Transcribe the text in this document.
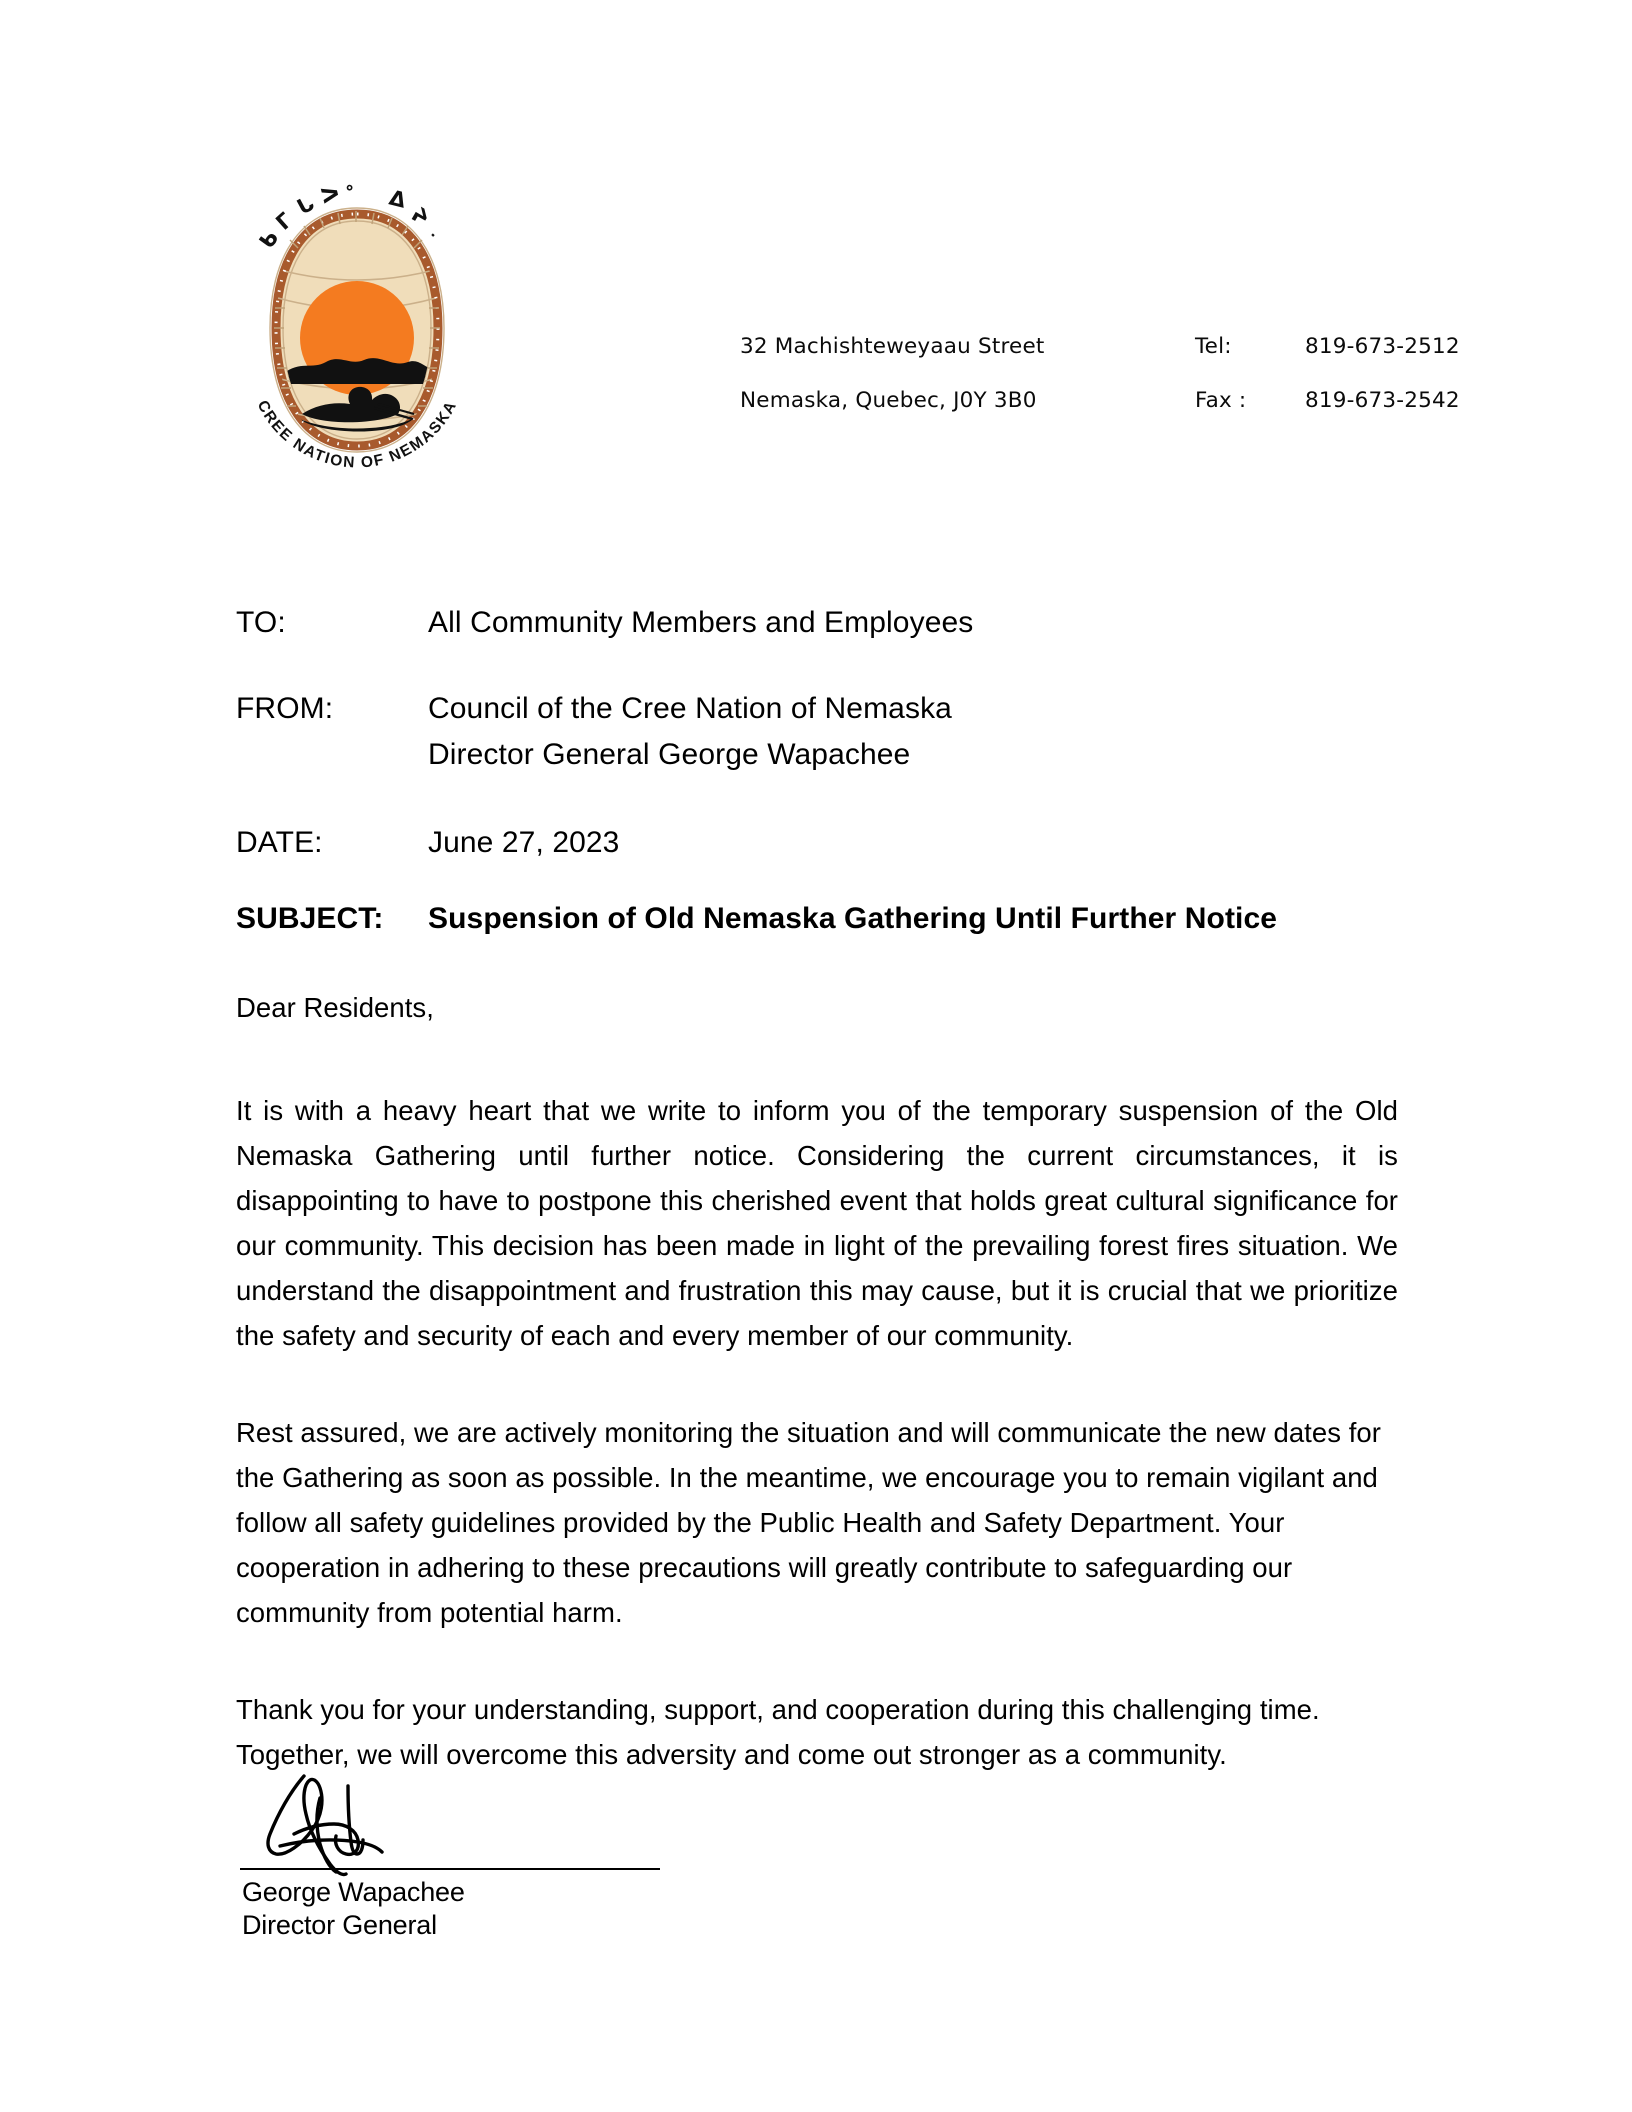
ᑲ
ᒥ
ᒐ ᐳ ᐤ ᐃ
ᔨ
ᐧ
CREE NATION OF NEMASKA
32 Machishteweyaau Street	Tel:	819-673-2512
Nemaska, Quebec, J0Y 3B0	Fax :	819-673-2542
TO:	All Community Members and Employees
FROM:	Council of the Cree Nation of Nemaska
Director General George Wapachee
DATE:	June 27, 2023
SUBJECT:	Suspension of Old Nemaska Gathering Until Further Notice

Dear Residents,

It is with a heavy heart that we write to inform you of the temporary suspension of the Old Nemaska Gathering until further notice. Considering the current circumstances, it is disappointing to have to postpone this cherished event that holds great cultural significance for our community. This decision has been made in light of the prevailing forest fires situation. We understand the disappointment and frustration this may cause, but it is crucial that we prioritize the safety and security of each and every member of our community.

Rest assured, we are actively monitoring the situation and will communicate the new dates for the Gathering as soon as possible. In the meantime, we encourage you to remain vigilant and follow all safety guidelines provided by the Public Health and Safety Department. Your cooperation in adhering to these precautions will greatly contribute to safeguarding our community from potential harm.

Thank you for your understanding, support, and cooperation during this challenging time. Together, we will overcome this adversity and come out stronger as a community.

George Wapachee
Director General
